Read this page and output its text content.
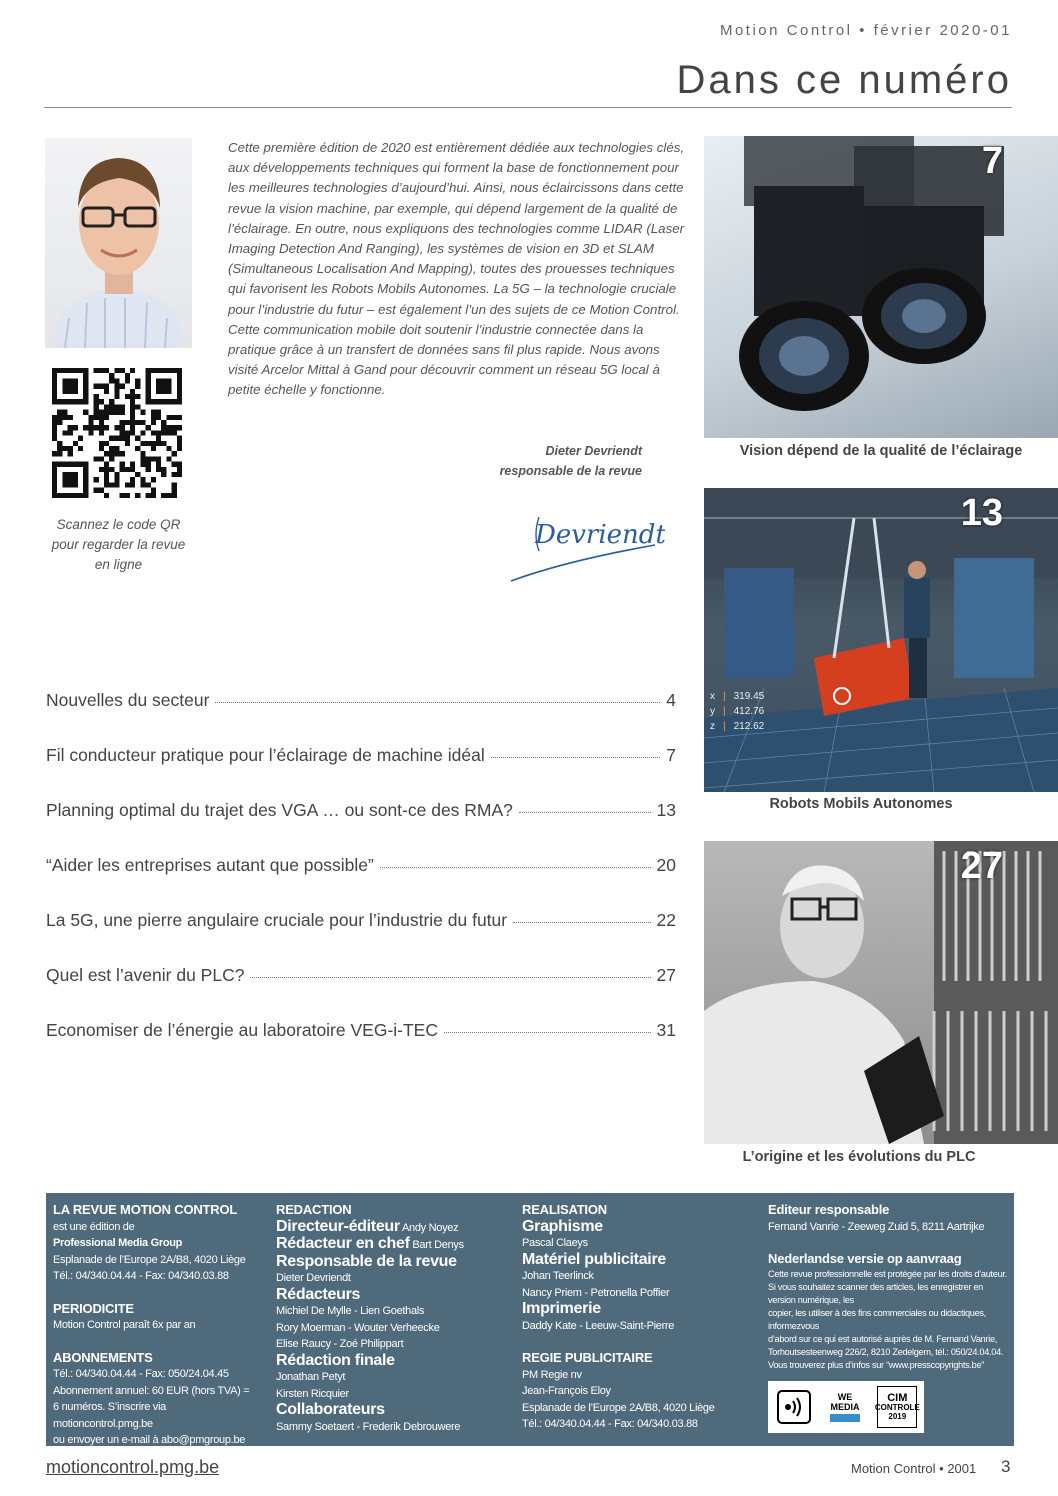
Motion Control • février 2020-01
Dans ce numéro
Scannez le code QR pour regarder la revue en ligne
Cette première édition de 2020 est entièrement dédiée aux technologies clés, aux développements techniques qui forment la base de fonctionnement pour les meilleures technologies d’aujourd’hui. Ainsi, nous éclaircissons dans cette revue la vision machine, par exemple, qui dépend largement de la qualité de l’éclairage. En outre, nous expliquons des technologies comme LIDAR (Laser Imaging Detection And Ranging), les systèmes de vision en 3D et SLAM (Simultaneous Localisation And Mapping), toutes des prouesses techniques qui favorisent les Robots Mobils Autonomes. La 5G – la technologie cruciale pour l’industrie du futur – est également l’un des sujets de ce Motion Control. Cette communication mobile doit soutenir l’industrie connectée dans la pratique grâce à un transfert de données sans fil plus rapide. Nous avons visité Arcelor Mittal à Gand pour découvrir comment un réseau 5G local à petite échelle y fonctionne.
Dieter Devriendt
responsable de la revue
Devriendt
Nouvelles du secteur	4
Fil conducteur pratique pour l’éclairage de machine idéal	7
Planning optimal du trajet des VGA … ou sont-ce des RMA?	13
“Aider les entreprises autant que possible”	20
La 5G, une pierre angulaire cruciale pour l’industrie du futur	22
Quel est l’avenir du PLC?	27
Economiser de l’énergie au laboratoire VEG-i-TEC	31
7
Vision dépend de la qualité de l’éclairage
13
x | 319.45
y | 412.76
z | 212.62
Robots Mobils Autonomes
27
L’origine et les évolutions du PLC
LA REVUE MOTION CONTROL
est une édition de
Professional Media Group
Esplanade de l’Europe 2A/B8, 4020 Liège
Tél.: 04/340.04.44 - Fax: 04/340.03.88
PERIODICITE
Motion Control paraît 6x par an
ABONNEMENTS
Tél.: 04/340.04.44 - Fax: 050/24.04.45
Abonnement annuel: 60 EUR (hors TVA) =
6 numéros. S’inscrire via motioncontrol.pmg.be
ou envoyer un e-mail à abo@pmgroup.be
REDACTION
Directeur-éditeur Andy Noyez
Rédacteur en chef Bart Denys
Responsable de la revue
Dieter Devriendt
Rédacteurs
Michiel De Mylle - Lien Goethals
Rory Moerman - Wouter Verheecke
Elise Raucy - Zoé Philippart
Rédaction finale
Jonathan Petyt
Kirsten Ricquier
Collaborateurs
Sammy Soetaert - Frederik Debrouwere
REALISATION
Graphisme
Pascal Claeys
Matériel publicitaire
Johan Teerlinck
Nancy Priem - Petronella Poffier
Imprimerie
Daddy Kate - Leeuw-Saint-Pierre
REGIE PUBLICITAIRE
PM Regie nv
Jean-François Eloy
Esplanade de l’Europe 2A/B8, 4020 Liège
Tél.: 04/340.04.44 - Fax: 04/340.03.88
Editeur responsable
Fernand Vanrie - Zeeweg Zuid 5, 8211 Aartrijke
Nederlandse versie op aanvraag
Cette revue professionnelle est protégée par les droits d’auteur.
Si vous souhaitez scanner des articles, les enregistrer en version numérique, les
copier, les utiliser à des fins commerciales ou didactiques, informezvous
d’abord sur ce qui est autorisé auprès de M. Fernand Vanrie,
Torhoutsesteenweg 226/2, 8210 Zedelgem, tél.: 050/24.04.04.
Vous trouverez plus d’infos sur “www.presscopyrights.be”
WE
MEDIA
CIM
CONTROLE
2019
motioncontrol.pmg.be	Motion Control • 2001 3
